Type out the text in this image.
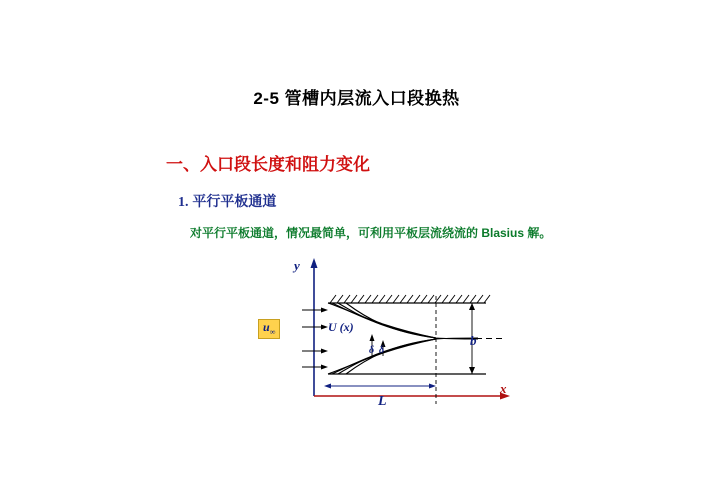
2-5 管槽内层流入口段换热
一、入口段长度和阻力变化
1. 平行平板通道
对平行平板通道，情况最简单，可利用平板层流绕流的 Blasius 解。
$u_\infty$
y
x
U (x)
b
L
δ δ
